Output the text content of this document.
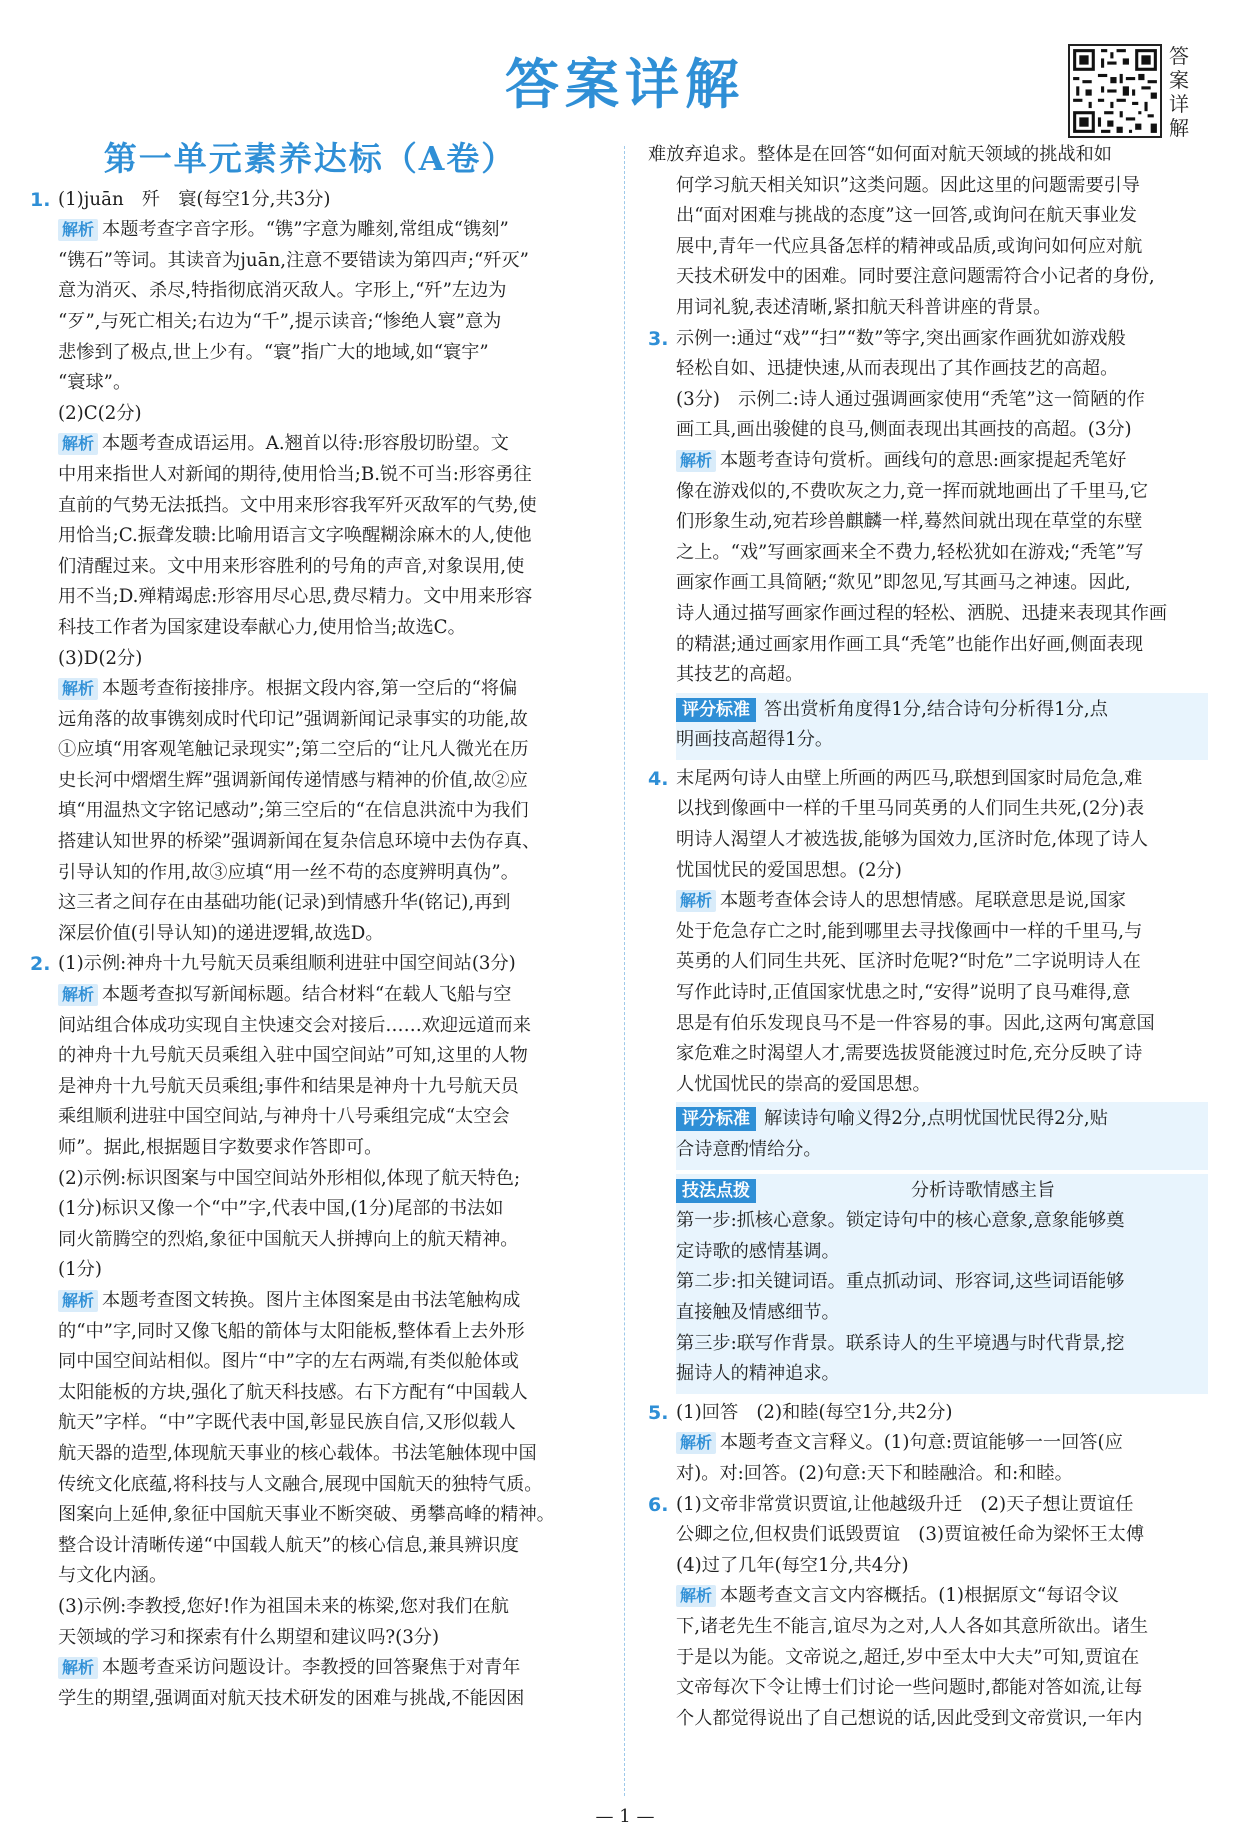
答案详解	答
案
详
解
第一单元素养达标（A卷）
1. (1)juān　歼　寰(每空1分,共3分)

解析 本题考查字音字形。“镌”字意为雕刻,常组成“镌刻”

“镌石”等词。其读音为juān,注意不要错读为第四声;“歼灭”

意为消灭、杀尽,特指彻底消灭敌人。字形上,“歼”左边为

“歹”,与死亡相关;右边为“千”,提示读音;“惨绝人寰”意为

悲惨到了极点,世上少有。“寰”指广大的地域,如“寰宇”

“寰球”。

(2)C(2分)

解析 本题考查成语运用。A.翘首以待:形容殷切盼望。文

中用来指世人对新闻的期待,使用恰当;B.锐不可当:形容勇往

直前的气势无法抵挡。文中用来形容我军歼灭敌军的气势,使

用恰当;C.振聋发聩:比喻用语言文字唤醒糊涂麻木的人,使他

们清醒过来。文中用来形容胜利的号角的声音,对象误用,使

用不当;D.殚精竭虑:形容用尽心思,费尽精力。文中用来形容

科技工作者为国家建设奉献心力,使用恰当;故选C。

(3)D(2分)

解析 本题考查衔接排序。根据文段内容,第一空后的“将偏

远角落的故事镌刻成时代印记”强调新闻记录事实的功能,故

①应填“用客观笔触记录现实”;第二空后的“让凡人微光在历

史长河中熠熠生辉”强调新闻传递情感与精神的价值,故②应

填“用温热文字铭记感动”;第三空后的“在信息洪流中为我们

搭建认知世界的桥梁”强调新闻在复杂信息环境中去伪存真、

引导认知的作用,故③应填“用一丝不苟的态度辨明真伪”。

这三者之间存在由基础功能(记录)到情感升华(铭记),再到

深层价值(引导认知)的递进逻辑,故选D。

2. (1)示例:神舟十九号航天员乘组顺利进驻中国空间站(3分)

解析 本题考查拟写新闻标题。结合材料“在载人飞船与空

间站组合体成功实现自主快速交会对接后……欢迎远道而来

的神舟十九号航天员乘组入驻中国空间站”可知,这里的人物

是神舟十九号航天员乘组;事件和结果是神舟十九号航天员

乘组顺利进驻中国空间站,与神舟十八号乘组完成“太空会

师”。据此,根据题目字数要求作答即可。

(2)示例:标识图案与中国空间站外形相似,体现了航天特色;

(1分)标识又像一个“中”字,代表中国,(1分)尾部的书法如

同火箭腾空的烈焰,象征中国航天人拼搏向上的航天精神。

(1分)

解析 本题考查图文转换。图片主体图案是由书法笔触构成

的“中”字,同时又像飞船的箭体与太阳能板,整体看上去外形

同中国空间站相似。图片“中”字的左右两端,有类似舱体或

太阳能板的方块,强化了航天科技感。右下方配有“中国载人

航天”字样。“中”字既代表中国,彰显民族自信,又形似载人

航天器的造型,体现航天事业的核心载体。书法笔触体现中国

传统文化底蕴,将科技与人文融合,展现中国航天的独特气质。

图案向上延伸,象征中国航天事业不断突破、勇攀高峰的精神。

整合设计清晰传递“中国载人航天”的核心信息,兼具辨识度

与文化内涵。

(3)示例:李教授,您好!作为祖国未来的栋梁,您对我们在航

天领域的学习和探索有什么期望和建议吗?(3分)

解析 本题考查采访问题设计。李教授的回答聚焦于对青年

学生的期望,强调面对航天技术研发的困难与挑战,不能因困

难放弃追求。整体是在回答“如何面对航天领域的挑战和如

何学习航天相关知识”这类问题。因此这里的问题需要引导

出“面对困难与挑战的态度”这一回答,或询问在航天事业发

展中,青年一代应具备怎样的精神或品质,或询问如何应对航

天技术研发中的困难。同时要注意问题需符合小记者的身份,

用词礼貌,表述清晰,紧扣航天科普讲座的背景。

3. 示例一:通过“戏”“扫”“数”等字,突出画家作画犹如游戏般

轻松自如、迅捷快速,从而表现出了其作画技艺的高超。

(3分)　示例二:诗人通过强调画家使用“秃笔”这一简陋的作

画工具,画出骏健的良马,侧面表现出其画技的高超。(3分)

解析 本题考查诗句赏析。画线句的意思:画家提起秃笔好

像在游戏似的,不费吹灰之力,竟一挥而就地画出了千里马,它

们形象生动,宛若珍兽麒麟一样,蓦然间就出现在草堂的东壁

之上。“戏”写画家画来全不费力,轻松犹如在游戏;“秃笔”写

画家作画工具简陋;“欻见”即忽见,写其画马之神速。因此,

诗人通过描写画家作画过程的轻松、洒脱、迅捷来表现其作画

的精湛;通过画家用作画工具“秃笔”也能作出好画,侧面表现

其技艺的高超。

评分标准 答出赏析角度得1分,结合诗句分析得1分,点

明画技高超得1分。

4. 末尾两句诗人由壁上所画的两匹马,联想到国家时局危急,难

以找到像画中一样的千里马同英勇的人们同生共死,(2分)表

明诗人渴望人才被选拔,能够为国效力,匡济时危,体现了诗人

忧国忧民的爱国思想。(2分)

解析 本题考查体会诗人的思想情感。尾联意思是说,国家

处于危急存亡之时,能到哪里去寻找像画中一样的千里马,与

英勇的人们同生共死、匡济时危呢?“时危”二字说明诗人在

写作此诗时,正值国家忧患之时,“安得”说明了良马难得,意

思是有伯乐发现良马不是一件容易的事。因此,这两句寓意国

家危难之时渴望人才,需要选拔贤能渡过时危,充分反映了诗

人忧国忧民的崇高的爱国思想。

评分标准 解读诗句喻义得2分,点明忧国忧民得2分,贴

合诗意酌情给分。

技法点拨	分析诗歌情感主旨

第一步:抓核心意象。锁定诗句中的核心意象,意象能够奠

定诗歌的感情基调。

第二步:扣关键词语。重点抓动词、形容词,这些词语能够

直接触及情感细节。

第三步:联写作背景。联系诗人的生平境遇与时代背景,挖

掘诗人的精神追求。

5. (1)回答　(2)和睦(每空1分,共2分)

解析 本题考查文言释义。(1)句意:贾谊能够一一回答(应

对)。对:回答。(2)句意:天下和睦融洽。和:和睦。

6. (1)文帝非常赏识贾谊,让他越级升迁　(2)天子想让贾谊任

公卿之位,但权贵们诋毁贾谊　(3)贾谊被任命为梁怀王太傅

(4)过了几年(每空1分,共4分)

解析 本题考查文言文内容概括。(1)根据原文“每诏令议

下,诸老先生不能言,谊尽为之对,人人各如其意所欲出。诸生

于是以为能。文帝说之,超迁,岁中至太中大夫”可知,贾谊在

文帝每次下令让博士们讨论一些问题时,都能对答如流,让每

个人都觉得说出了自己想说的话,因此受到文帝赏识,一年内

— 1 —
